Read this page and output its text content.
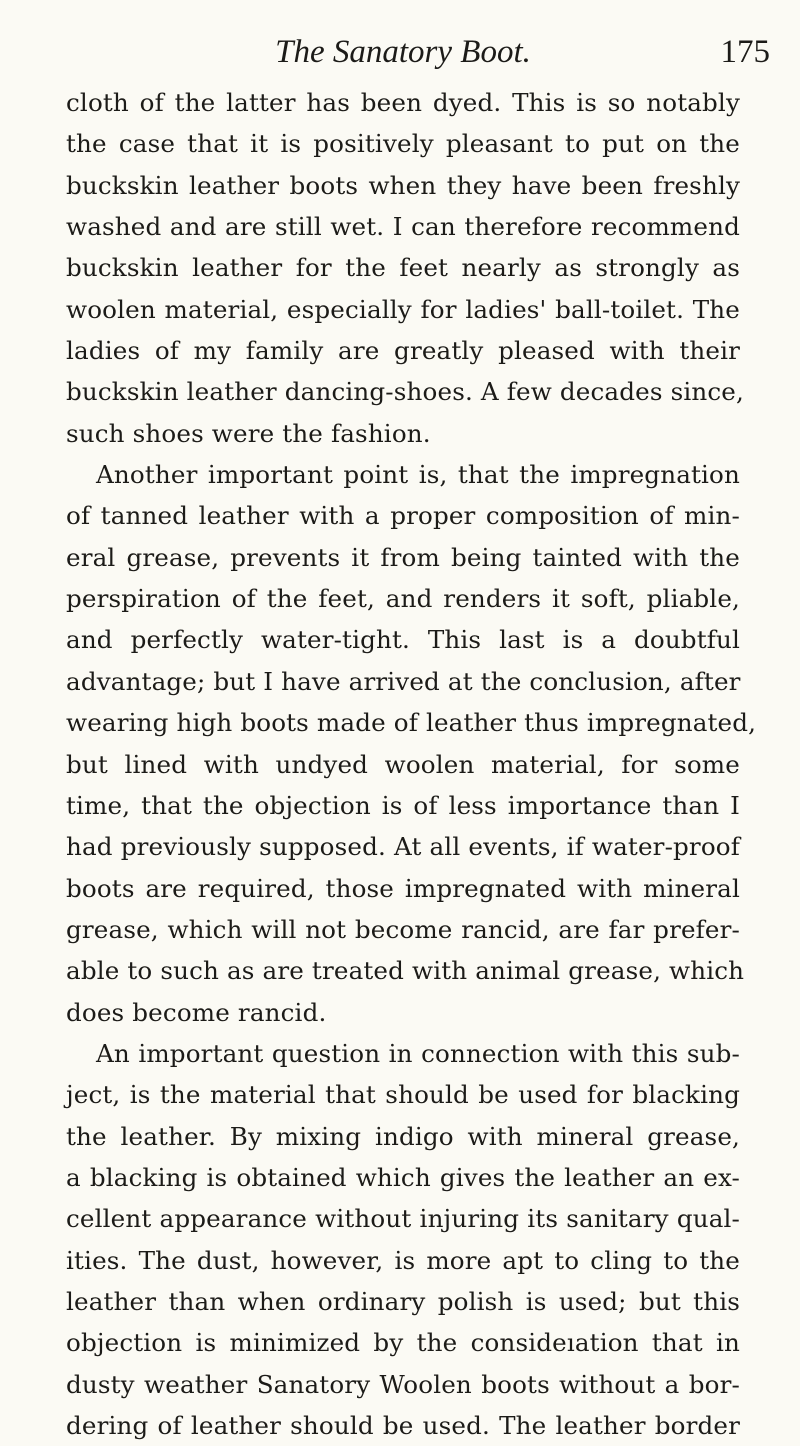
The Sanatory Boot.	175
cloth of the latter has been dyed. This is so notably
the case that it is positively pleasant to put on the
buckskin leather boots when they have been freshly
washed and are still wet. I can therefore recommend
buckskin leather for the feet nearly as strongly as
woolen material, especially for ladies' ball-toilet. The
ladies of my family are greatly pleased with their
buckskin leather dancing-shoes. A few decades since,
such shoes were the fashion.
Another important point is, that the impregnation
of tanned leather with a proper composition of min-
eral grease, prevents it from being tainted with the
perspiration of the feet, and renders it soft, pliable,
and perfectly water-tight. This last is a doubtful
advantage; but I have arrived at the conclusion, after
wearing high boots made of leather thus impregnated,
but lined with undyed woolen material, for some
time, that the objection is of less importance than I
had previously supposed. At all events, if water-proof
boots are required, those impregnated with mineral
grease, which will not become rancid, are far prefer-
able to such as are treated with animal grease, which
does become rancid.
An important question in connection with this sub-
ject, is the material that should be used for blacking
the leather. By mixing indigo with mineral grease,
a blacking is obtained which gives the leather an ex-
cellent appearance without injuring its sanitary qual-
ities. The dust, however, is more apt to cling to the
leather than when ordinary polish is used; but this
objection is minimized by the consideıation that in
dusty weather Sanatory Woolen boots without a bor-
dering of leather should be used. The leather border
